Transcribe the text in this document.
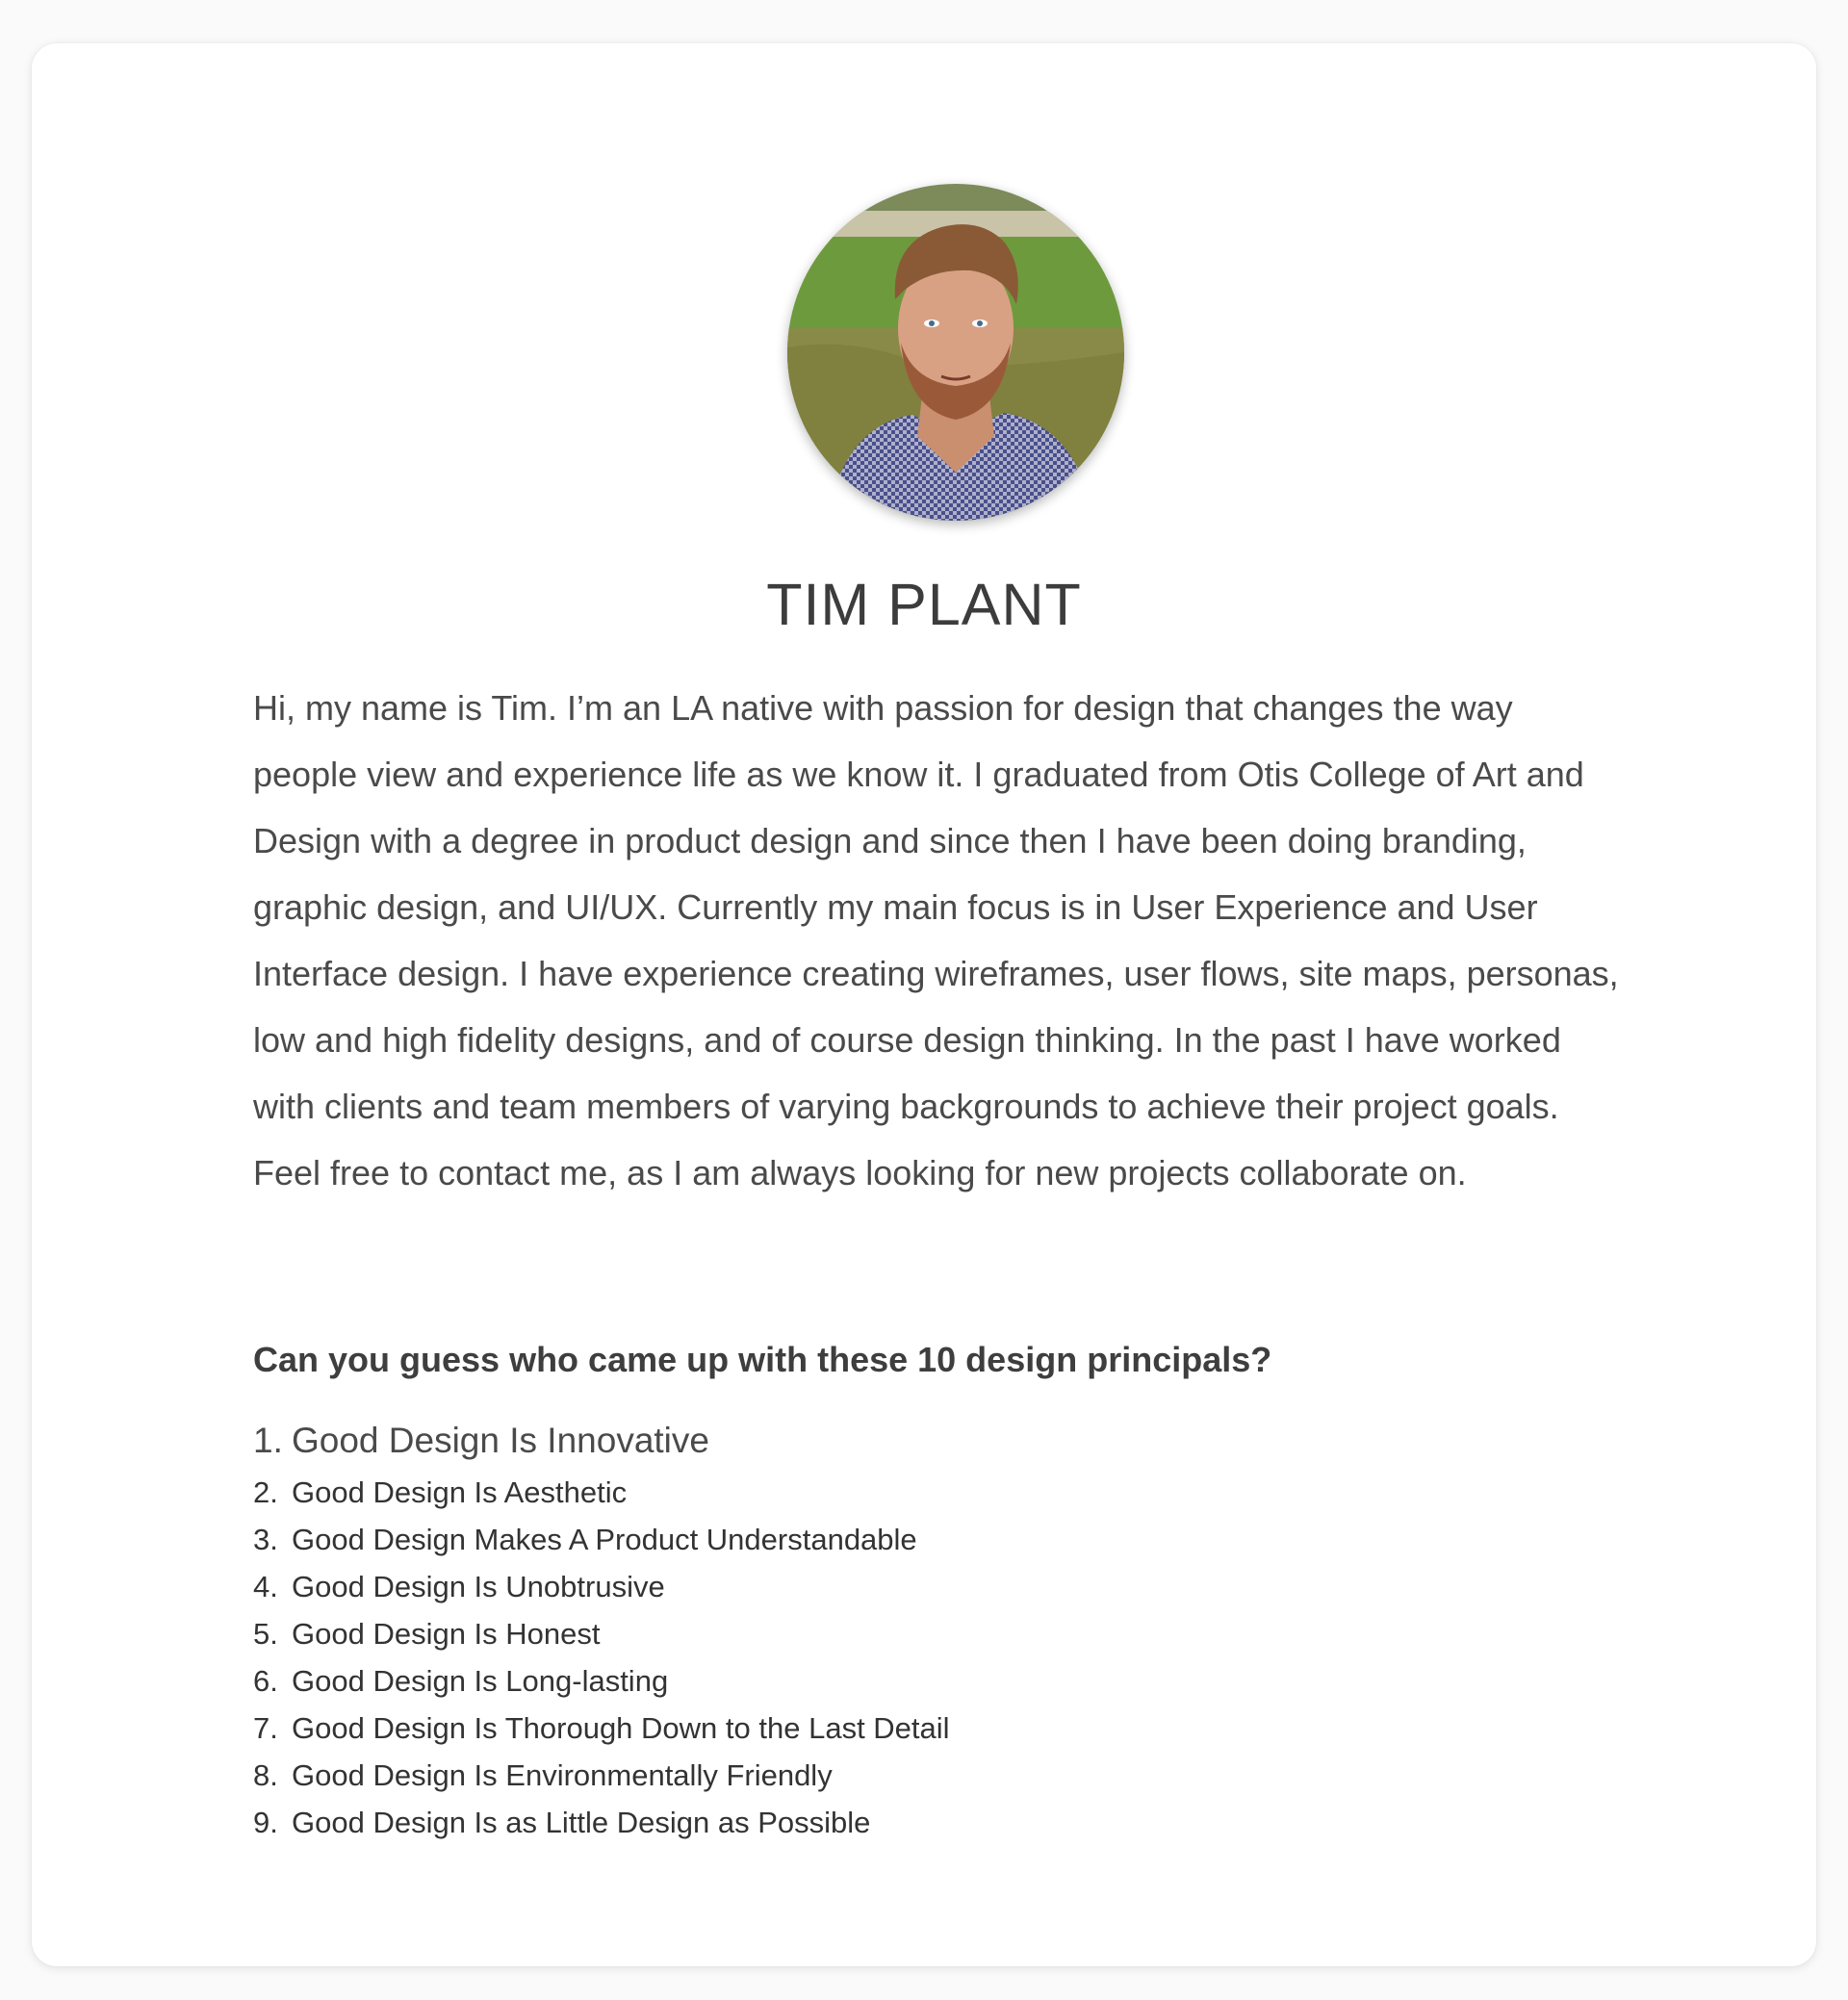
TIM PLANT

Hi, my name is Tim. I’m an LA native with passion for design that changes the way people view and experience life as we know it. I graduated from Otis College of Art and Design with a degree in product design and since then I have been doing branding, graphic design, and UI/UX. Currently my main focus is in User Experience and User Interface design. I have experience creating wireframes, user flows, site maps, personas, low and high fidelity designs, and of course design thinking. In the past I have worked with clients and team members of varying backgrounds to achieve their project goals. Feel free to contact me, as I am always looking for new projects collaborate on.

Can you guess who came up with these 10 design principals?

1. Good Design Is Innovative
2. Good Design Is Aesthetic
3. Good Design Makes A Product Understandable
4. Good Design Is Unobtrusive
5. Good Design Is Honest
6. Good Design Is Long-lasting
7. Good Design Is Thorough Down to the Last Detail
8. Good Design Is Environmentally Friendly
9. Good Design Is as Little Design as Possible
